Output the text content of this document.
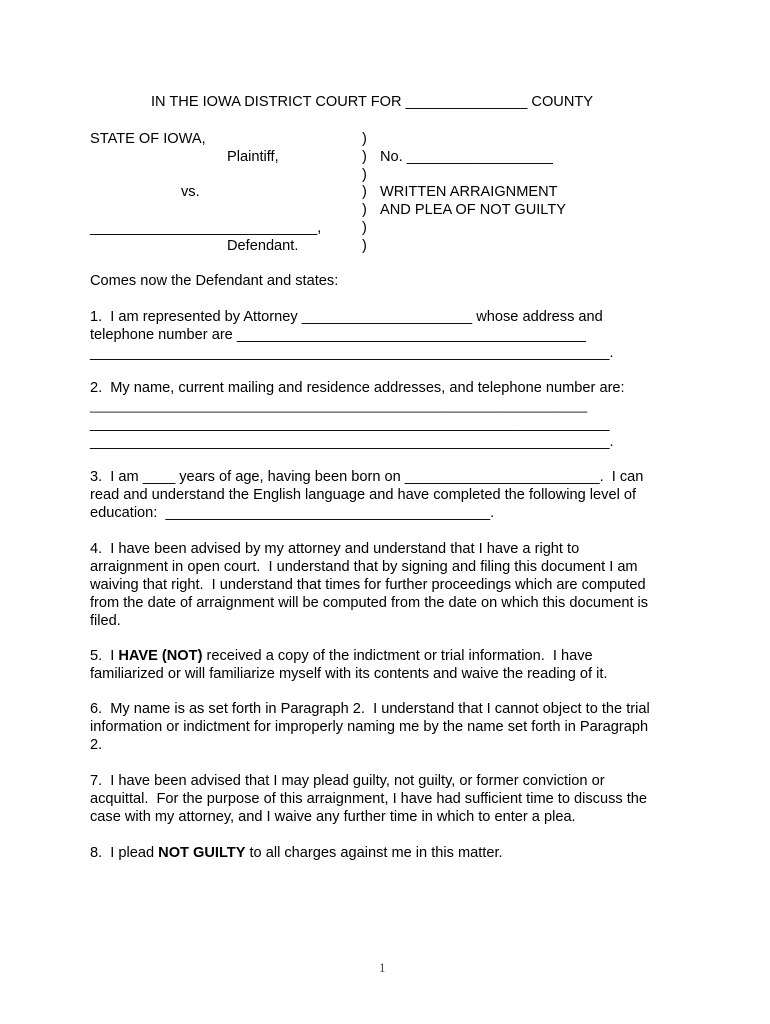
IN THE IOWA DISTRICT COURT FOR _______________ COUNTY
STATE OF IOWA,
Plaintiff,
vs.
____________________________,
Defendant.
)
)
)
)
)
)
)
No. __________________
WRITTEN ARRAIGNMENT
AND PLEA OF NOT GUILTY
Comes now the Defendant and states:
1.  I am represented by Attorney _____________________ whose address and
telephone number are ___________________________________________
________________________________________________________________.
2.  My name, current mailing and residence addresses, and telephone number are:
_______________________________________________________________________
________________________________________________________________
________________________________________________________________.
3.  I am ____ years of age, having been born on ________________________.  I can
read and understand the English language and have completed the following level of
education:  ________________________________________.
4.  I have been advised by my attorney and understand that I have a right to
arraignment in open court.  I understand that by signing and filing this document I am
waiving that right.  I understand that times for further proceedings which are computed
from the date of arraignment will be computed from the date on which this document is
filed.
5.  I HAVE (NOT) received a copy of the indictment or trial information.  I have
familiarized or will familiarize myself with its contents and waive the reading of it.
6.  My name is as set forth in Paragraph 2.  I understand that I cannot object to the trial
information or indictment for improperly naming me by the name set forth in Paragraph
2.
7.  I have been advised that I may plead guilty, not guilty, or former conviction or
acquittal.  For the purpose of this arraignment, I have had sufficient time to discuss the
case with my attorney, and I waive any further time in which to enter a plea.
8.  I plead NOT GUILTY to all charges against me in this matter.
1
